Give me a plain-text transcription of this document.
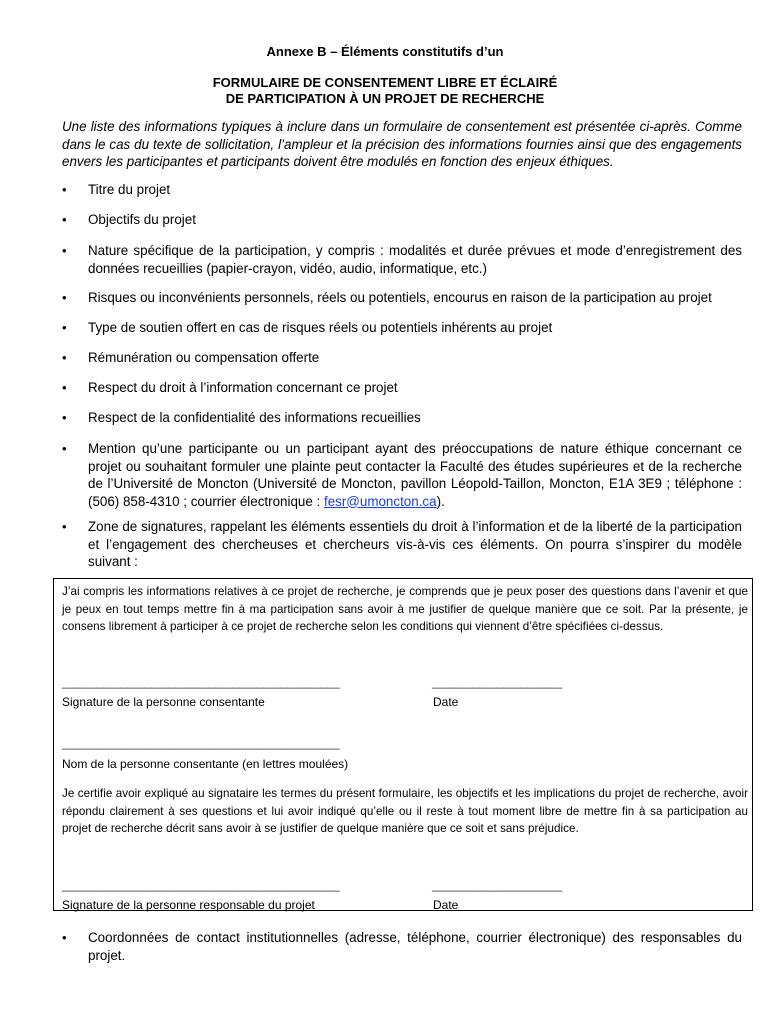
Annexe B – Éléments constitutifs d’un
FORMULAIRE DE CONSENTEMENT LIBRE ET ÉCLAIRÉ
DE PARTICIPATION À UN PROJET DE RECHERCHE

Une liste des informations typiques à inclure dans un formulaire de consentement est présentée ci-après. Comme dans le cas du texte de sollicitation, l’ampleur et la précision des informations fournies ainsi que des engagements envers les participantes et participants doivent être modulés en fonction des enjeux éthiques.

•	Titre du projet
•	Objectifs du projet
•	Nature spécifique de la participation, y compris : modalités et durée prévues et mode d’enregistrement des données recueillies (papier-crayon, vidéo, audio, informatique, etc.)
•	Risques ou inconvénients personnels, réels ou potentiels, encourus en raison de la participation au projet
•	Type de soutien offert en cas de risques réels ou potentiels inhérents au projet
•	Rémunération ou compensation offerte
•	Respect du droit à l’information concernant ce projet
•	Respect de la confidentialité des informations recueillies
•	Mention qu’une participante ou un participant ayant des préoccupations de nature éthique concernant ce projet ou souhaitant formuler une plainte peut contacter la Faculté des études supérieures et de la recherche de l’Université de Moncton (Université de Moncton, pavillon Léopold-Taillon, Moncton, E1A 3E9 ; téléphone : (506) 858-4310 ; courrier électronique : fesr@umoncton.ca).
•	Zone de signatures, rappelant les éléments essentiels du droit à l’information et de la liberté de la participation et l’engagement des chercheuses et chercheurs vis-à-vis ces éléments. On pourra s’inspirer du modèle suivant :
J’ai compris les informations relatives à ce projet de recherche, je comprends que je peux poser des questions dans l’avenir et que je peux en tout temps mettre fin à ma participation sans avoir à me justifier de quelque manière que ce soit. Par la présente, je consens librement à participer à ce projet de recherche selon les conditions qui viennent d’être spécifiées ci-dessus.
_______________________________________________	______________________
Signature de la personne consentante	Date
_______________________________________________
Nom de la personne consentante (en lettres moulées)
Je certifie avoir expliqué au signataire les termes du présent formulaire, les objectifs et les implications du projet de recherche, avoir répondu clairement à ses questions et lui avoir indiqué qu’elle ou il reste à tout moment libre de mettre fin à sa participation au projet de recherche décrit sans avoir à se justifier de quelque manière que ce soit et sans préjudice.
_______________________________________________	______________________
Signature de la personne responsable du projet	Date
•	Coordonnées de contact institutionnelles (adresse, téléphone, courrier électronique) des responsables du projet.
